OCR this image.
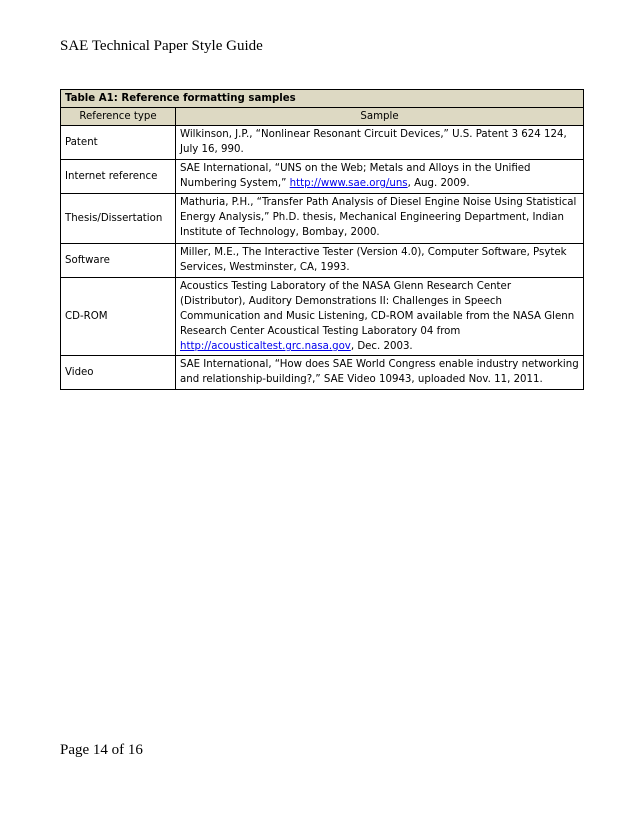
SAE Technical Paper Style Guide
Table A1: Reference formatting samples	
Reference type	Sample
Patent	Wilkinson, J.P., “Nonlinear Resonant Circuit Devices,” U.S. Patent 3 624 124, July 16, 990.
Internet reference	SAE International, “UNS on the Web; Metals and Alloys in the Unified Numbering System,” http://www.sae.org/uns, Aug. 2009.
Thesis/Dissertation	Mathuria, P.H., “Transfer Path Analysis of Diesel Engine Noise Using Statistical Energy Analysis,” Ph.D. thesis, Mechanical Engineering Department, Indian Institute of Technology, Bombay, 2000.
Software	Miller, M.E., The Interactive Tester (Version 4.0), Computer Software, Psytek Services, Westminster, CA, 1993.
CD-ROM	Acoustics Testing Laboratory of the NASA Glenn Research Center (Distributor), Auditory Demonstrations II: Challenges in Speech Communication and Music Listening, CD-ROM available from the NASA Glenn Research Center Acoustical Testing Laboratory 04 from http://acousticaltest.grc.nasa.gov, Dec. 2003.
Video	SAE International, “How does SAE World Congress enable industry networking and relationship-building?,” SAE Video 10943, uploaded Nov. 11, 2011.
Page 14 of 16
